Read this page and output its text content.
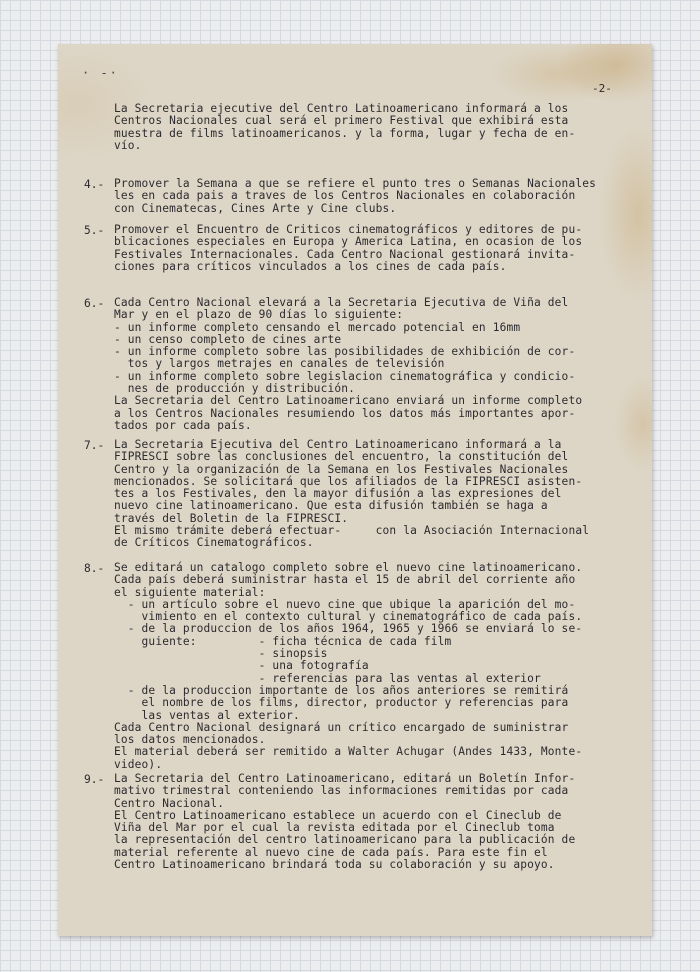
· -·
-2-
La Secretaria ejecutive del Centro Latinoamericano informará a los
Centros Nacionales cual será el primero Festival que exhibirá esta
muestra de films latinoamericanos. y la forma, lugar y fecha de en-
vío.
4.- Promover la Semana a que se refiere el punto tres o Semanas Nacionales
les en cada pais a traves de los Centros Nacionales en colaboración
con Cinematecas, Cines Arte y Cine clubs.
5.- Promover el Encuentro de Criticos cinematográficos y editores de pu-
blicaciones especiales en Europa y America Latina, en ocasion de los
Festivales Internacionales. Cada Centro Nacional gestionará invita-
ciones para críticos vinculados a los cines de cada país.
6.- Cada Centro Nacional elevará a la Secretaria Ejecutiva de Viña del
Mar y en el plazo de 90 días lo siguiente:
- un informe completo censando el mercado potencial en 16mm
- un censo completo de cines arte
- un informe completo sobre las posibilidades de exhibición de cor-
tos y largos metrajes en canales de televisión
- un informe completo sobre legislacion cinematográfica y condicio-
nes de producción y distribución.
La Secretaria del Centro Latinoamericano enviará un informe completo
a los Centros Nacionales resumiendo los datos más importantes apor-
tados por cada país.
7.- La Secretaria Ejecutiva del Centro Latinoamericano informará a la
FIPRESCI sobre las conclusiones del encuentro, la constitución del
Centro y la organización de la Semana en los Festivales Nacionales
mencionados. Se solicitará que los afiliados de la FIPRESCI asisten-
tes a los Festivales, den la mayor difusión a las expresiones del
nuevo cine latinoamericano. Que esta difusión también se haga a
través del Boletin de la FIPRESCI.
El mismo trámite deberá efectuar-     con la Asociación Internacional
de Críticos Cinematográficos.
8.- Se editará un catalogo completo sobre el nuevo cine latinoamericano.
Cada país deberá suministrar hasta el 15 de abril del corriente año
el siguiente material:
- un artículo sobre el nuevo cine que ubique la aparición del mo-
vimiento en el contexto cultural y cinematográfico de cada país.
- de la produccion de los años 1964, 1965 y 1966 se enviará lo se-
guiente:         - ficha técnica de cada film
- sinopsis
- una fotografía
- referencias para las ventas al exterior
- de la produccion importante de los años anteriores se remitirá
el nombre de los films, director, productor y referencias para
las ventas al exterior.
Cada Centro Nacional designará un crítico encargado de suministrar
los datos mencionados.
El material deberá ser remitido a Walter Achugar (Andes 1433, Monte-
video).
9.- La Secretaria del Centro Latinoamericano, editará un Boletín Infor-
mativo trimestral conteniendo las informaciones remitidas por cada
Centro Nacional.
El Centro Latinoamericano establece un acuerdo con el Cineclub de
Viña del Mar por el cual la revista editada por el Cineclub toma
la representación del centro latinoamericano para la publicación de
material referente al nuevo cine de cada país. Para este fin el
Centro Latinoamericano brindará toda su colaboración y su apoyo.
